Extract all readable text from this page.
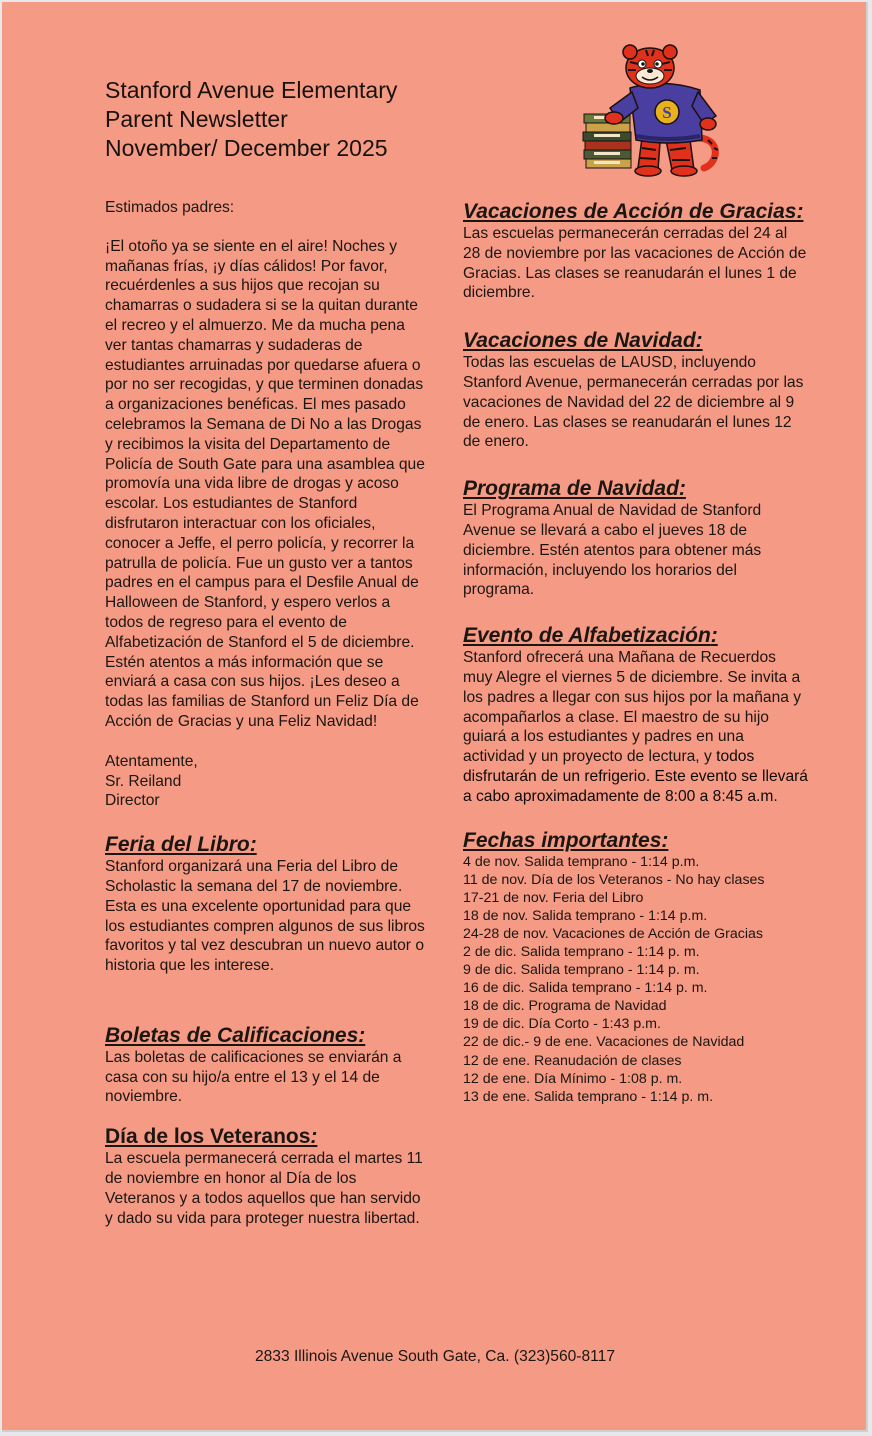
Stanford Avenue Elementary
Parent Newsletter
November/ December 2025
S

Estimados padres:

¡El otoño ya se siente en el aire! Noches y mañanas frías, ¡y días cálidos! Por favor, recuérdenles a sus hijos que recojan su chamarras o sudadera si se la quitan durante el recreo y el almuerzo. Me da mucha pena ver tantas chamarras y sudaderas de estudiantes arruinadas por quedarse afuera o por no ser recogidas, y que terminen donadas a organizaciones benéficas. El mes pasado celebramos la Semana de Di No a las Drogas y recibimos la visita del Departamento de Policía de South Gate para una asamblea que promovía una vida libre de drogas y acoso escolar. Los estudiantes de Stanford disfrutaron interactuar con los oficiales, conocer a Jeffe, el perro policía, y recorrer la patrulla de policía. Fue un gusto ver a tantos padres en el campus para el Desfile Anual de Halloween de Stanford, y espero verlos a todos de regreso para el evento de Alfabetización de Stanford el 5 de diciembre. Estén atentos a más información que se enviará a casa con sus hijos. ¡Les deseo a todas las familias de Stanford un Feliz Día de Acción de Gracias y una Feliz Navidad!

Atentamente,
Sr. Reiland
Director
Feria del Libro:

Stanford organizará una Feria del Libro de Scholastic la semana del 17 de noviembre. Esta es una excelente oportunidad para que los estudiantes compren algunos de sus libros favoritos y tal vez descubran un nuevo autor o historia que les interese.

Boletas de Calificaciones:

Las boletas de calificaciones se enviarán a casa con su hijo/a entre el 13 y el 14 de noviembre.

Día de los Veteranos:

La escuela permanecerá cerrada el martes 11 de noviembre en honor al Día de los Veteranos y a todos aquellos que han servido y dado su vida para proteger nuestra libertad.

Vacaciones de Acción de Gracias:

Las escuelas permanecerán cerradas del 24 al 28 de noviembre por las vacaciones de Acción de Gracias. Las clases se reanudarán el lunes 1 de diciembre.

Vacaciones de Navidad:

Todas las escuelas de LAUSD, incluyendo Stanford Avenue, permanecerán cerradas por las vacaciones de Navidad del 22 de diciembre al 9 de enero. Las clases se reanudarán el lunes 12 de enero.

Programa de Navidad:

El Programa Anual de Navidad de Stanford Avenue se llevará a cabo el jueves 18 de diciembre. Estén atentos para obtener más información, incluyendo los horarios del programa.

Evento de Alfabetización:

Stanford ofrecerá una Mañana de Recuerdos muy Alegre el viernes 5 de diciembre. Se invita a los padres a llegar con sus hijos por la mañana y acompañarlos a clase. El maestro de su hijo guiará a los estudiantes y padres en una actividad y un proyecto de lectura, y todos disfrutarán de un refrigerio. Este evento se llevará a cabo aproximadamente de 8:00 a 8:45 a.m.

Fechas importantes:
4 de nov. Salida temprano - 1:14 p.m.
11 de nov. Día de los Veteranos - No hay clases
17-21 de nov. Feria del Libro
18 de nov. Salida temprano - 1:14 p.m.
24-28 de nov. Vacaciones de Acción de Gracias
2 de dic. Salida temprano - 1:14 p. m.
9 de dic. Salida temprano - 1:14 p. m.
16 de dic. Salida temprano - 1:14 p. m.
18 de dic. Programa de Navidad
19 de dic. Día Corto - 1:43 p.m.
22 de dic.- 9 de ene. Vacaciones de Navidad
12 de ene. Reanudación de clases
12 de ene. Día Mínimo - 1:08 p. m.
13 de ene. Salida temprano - 1:14 p. m.
2833 Illinois Avenue South Gate, Ca. (323)560-8117
